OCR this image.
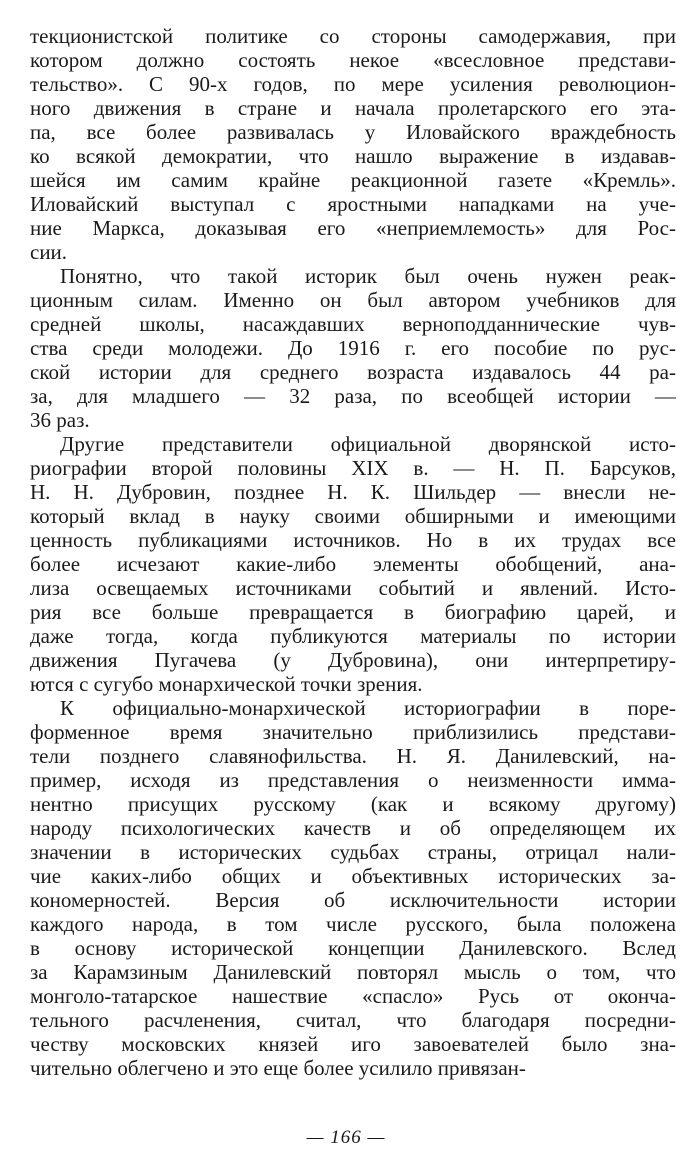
текционистской политике со стороны самодержавия, при
котором должно состоять некое «всесловное представи-
тельство». С 90-х годов, по мере усиления революцион-
ного движения в стране и начала пролетарского его эта-
па, все более развивалась у Иловайского враждебность
ко всякой демократии, что нашло выражение в издавав-
шейся им самим крайне реакционной газете «Кремль».
Иловайский выступал с яростными нападками на уче-
ние Маркса, доказывая его «неприемлемость» для Рос-
сии.
Понятно, что такой историк был очень нужен реак-
ционным силам. Именно он был автором учебников для
средней школы, насаждавших верноподданнические чув-
ства среди молодежи. До 1916 г. его пособие по рус-
ской истории для среднего возраста издавалось 44 ра-
за, для младшего — 32 раза, по всеобщей истории —
36 раз.
Другие представители официальной дворянской исто-
риографии второй половины XIX в. — Н. П. Барсуков,
Н. Н. Дубровин, позднее Н. К. Шильдер — внесли не-
который вклад в науку своими обширными и имеющими
ценность публикациями источников. Но в их трудах все
более исчезают какие-либо элементы обобщений, ана-
лиза освещаемых источниками событий и явлений. Исто-
рия все больше превращается в биографию царей, и
даже тогда, когда публикуются материалы по истории
движения Пугачева (у Дубровина), они интерпретиру-
ются с сугубо монархической точки зрения.
К официально-монархической историографии в поре-
форменное время значительно приблизились представи-
тели позднего славянофильства. Н. Я. Данилевский, на-
пример, исходя из представления о неизменности имма-
нентно присущих русскому (как и всякому другому)
народу психологических качеств и об определяющем их
значении в исторических судьбах страны, отрицал нали-
чие каких-либо общих и объективных исторических за-
кономерностей. Версия об исключительности истории
каждого народа, в том числе русского, была положена
в основу исторической концепции Данилевского. Вслед
за Карамзиным Данилевский повторял мысль о том, что
монголо-татарское нашествие «спасло» Русь от оконча-
тельного расчленения, считал, что благодаря посредни-
честву московских князей иго завоевателей было зна-
чительно облегчено и это еще более усилило привязан-
— 166 —
